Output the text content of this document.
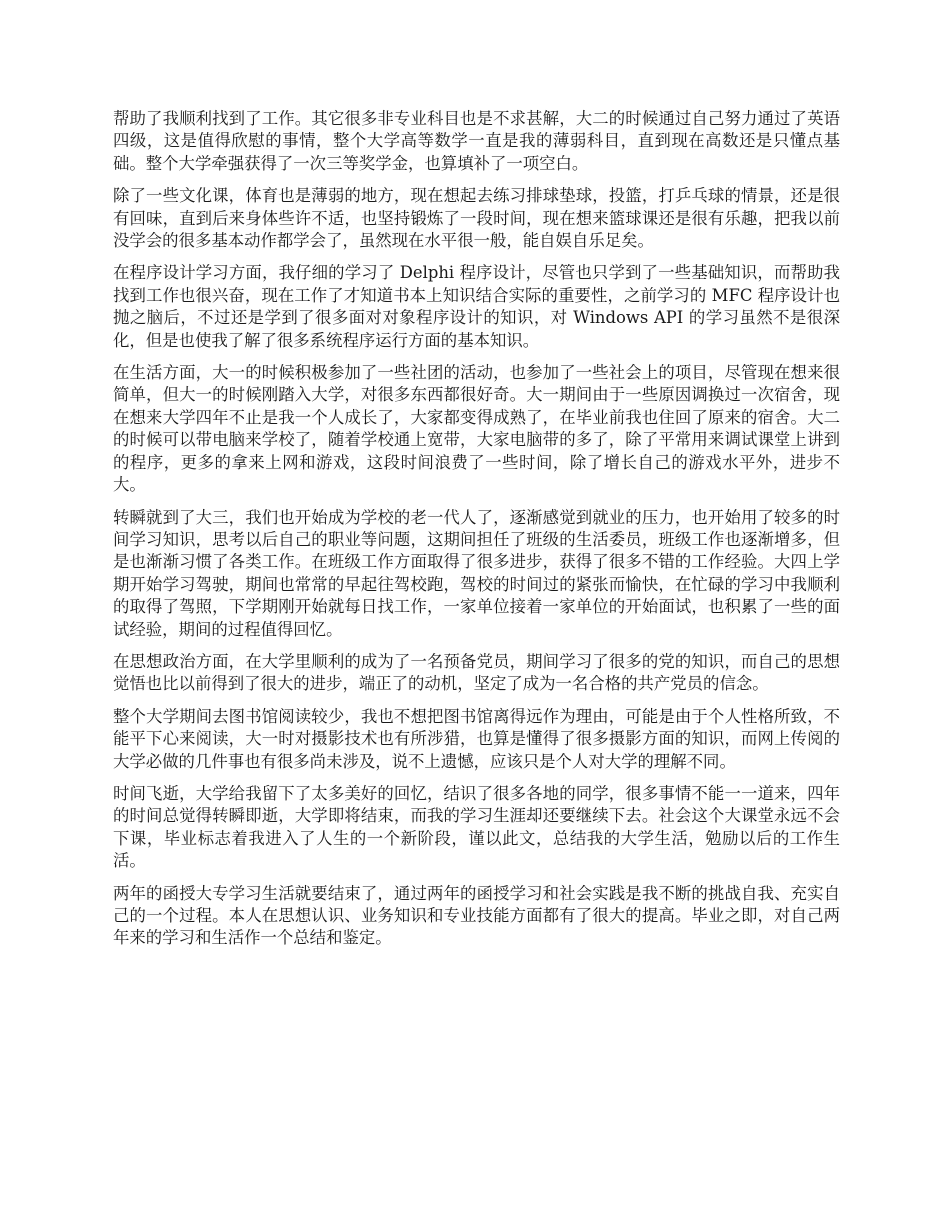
帮助了我顺利找到了工作。其它很多非专业科目也是不求甚解，大二的时候通过自己努力通过了英语四级，这是值得欣慰的事情，整个大学高等数学一直是我的薄弱科目，直到现在高数还是只懂点基础。整个大学牵强获得了一次三等奖学金，也算填补了一项空白。

除了一些文化课，体育也是薄弱的地方，现在想起去练习排球垫球，投篮，打乒乓球的情景，还是很有回味，直到后来身体些许不适，也坚持锻炼了一段时间，现在想来篮球课还是很有乐趣，把我以前没学会的很多基本动作都学会了，虽然现在水平很一般，能自娱自乐足矣。

在程序设计学习方面，我仔细的学习了 Delphi 程序设计，尽管也只学到了一些基础知识，而帮助我找到工作也很兴奋，现在工作了才知道书本上知识结合实际的重要性，之前学习的 MFC 程序设计也抛之脑后，不过还是学到了很多面对对象程序设计的知识，对 Windows API 的学习虽然不是很深化，但是也使我了解了很多系统程序运行方面的基本知识。

在生活方面，大一的时候积极参加了一些社团的活动，也参加了一些社会上的项目，尽管现在想来很简单，但大一的时候刚踏入大学，对很多东西都很好奇。大一期间由于一些原因调换过一次宿舍，现在想来大学四年不止是我一个人成长了，大家都变得成熟了，在毕业前我也住回了原来的宿舍。大二的时候可以带电脑来学校了，随着学校通上宽带，大家电脑带的多了，除了平常用来调试课堂上讲到的程序，更多的拿来上网和游戏，这段时间浪费了一些时间，除了增长自己的游戏水平外，进步不大。

转瞬就到了大三，我们也开始成为学校的老一代人了，逐渐感觉到就业的压力，也开始用了较多的时间学习知识，思考以后自己的职业等问题，这期间担任了班级的生活委员，班级工作也逐渐增多，但是也渐渐习惯了各类工作。在班级工作方面取得了很多进步，获得了很多不错的工作经验。大四上学期开始学习驾驶，期间也常常的早起往驾校跑，驾校的时间过的紧张而愉快，在忙碌的学习中我顺利的取得了驾照，下学期刚开始就每日找工作，一家单位接着一家单位的开始面试，也积累了一些的面试经验，期间的过程值得回忆。

在思想政治方面，在大学里顺利的成为了一名预备党员，期间学习了很多的党的知识，而自己的思想觉悟也比以前得到了很大的进步，端正了的动机，坚定了成为一名合格的共产党员的信念。

整个大学期间去图书馆阅读较少，我也不想把图书馆离得远作为理由，可能是由于个人性格所致，不能平下心来阅读，大一时对摄影技术也有所涉猎，也算是懂得了很多摄影方面的知识，而网上传阅的大学必做的几件事也有很多尚未涉及，说不上遗憾，应该只是个人对大学的理解不同。

时间飞逝，大学给我留下了太多美好的回忆，结识了很多各地的同学，很多事情不能一一道来，四年的时间总觉得转瞬即逝，大学即将结束，而我的学习生涯却还要继续下去。社会这个大课堂永远不会下课，毕业标志着我进入了人生的一个新阶段，谨以此文，总结我的大学生活，勉励以后的工作生活。

两年的函授大专学习生活就要结束了，通过两年的函授学习和社会实践是我不断的挑战自我、充实自己的一个过程。本人在思想认识、业务知识和专业技能方面都有了很大的提高。毕业之即，对自己两年来的学习和生活作一个总结和鉴定。
